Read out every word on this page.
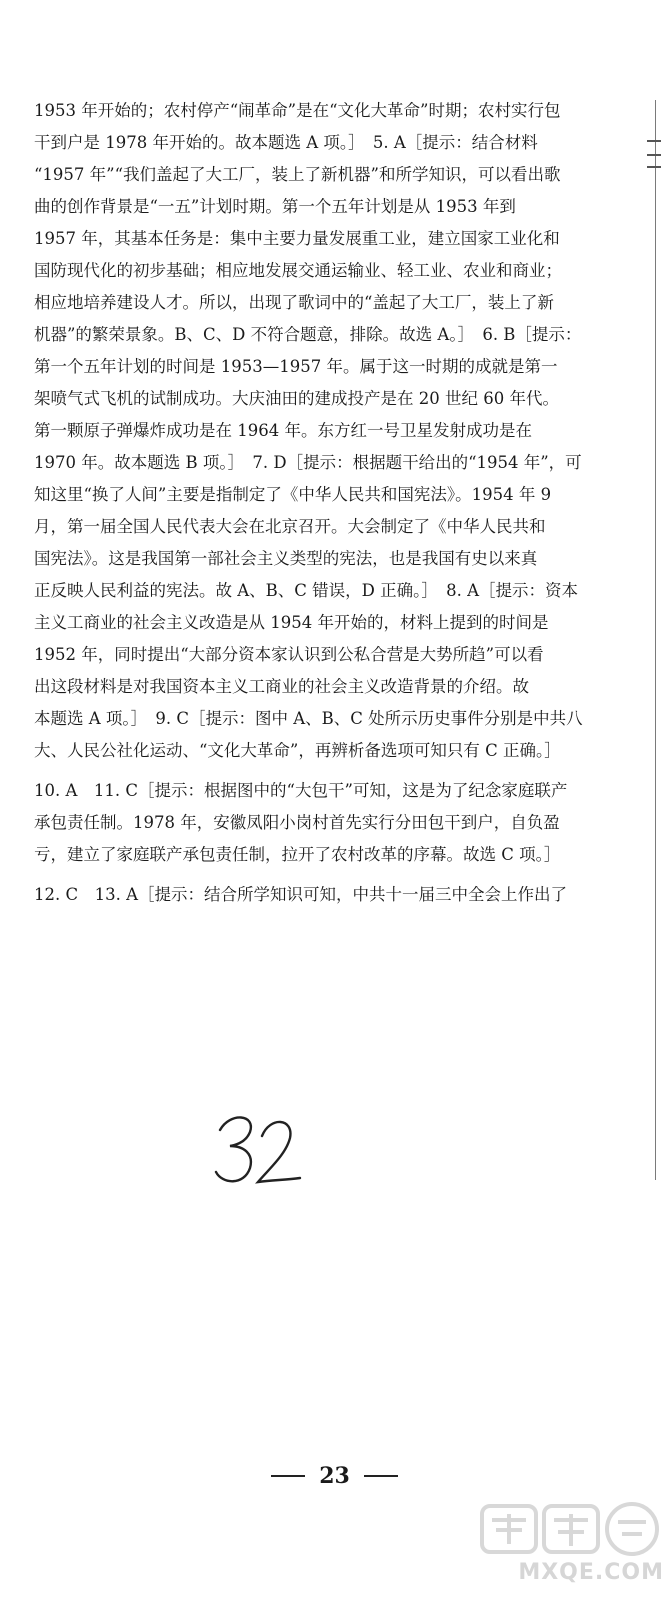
1953 年开始的；农村停产“闹革命”是在“文化大革命”时期；农村实行包
干到户是 1978 年开始的。故本题选 A 项。］　5. A［提示：结合材料
“1957 年”“我们盖起了大工厂，装上了新机器”和所学知识，可以看出歌
曲的创作背景是“一五”计划时期。第一个五年计划是从 1953 年到
1957 年，其基本任务是：集中主要力量发展重工业，建立国家工业化和
国防现代化的初步基础；相应地发展交通运输业、轻工业、农业和商业；
相应地培养建设人才。所以，出现了歌词中的“盖起了大工厂，装上了新
机器”的繁荣景象。B、C、D 不符合题意，排除。故选 A。］　6. B［提示：
第一个五年计划的时间是 1953—1957 年。属于这一时期的成就是第一
架喷气式飞机的试制成功。大庆油田的建成投产是在 20 世纪 60 年代。
第一颗原子弹爆炸成功是在 1964 年。东方红一号卫星发射成功是在
1970 年。故本题选 B 项。］　7. D［提示：根据题干给出的“1954 年”，可
知这里“换了人间”主要是指制定了《中华人民共和国宪法》。1954 年 9
月，第一届全国人民代表大会在北京召开。大会制定了《中华人民共和
国宪法》。这是我国第一部社会主义类型的宪法，也是我国有史以来真
正反映人民利益的宪法。故 A、B、C 错误，D 正确。］　8. A［提示：资本
主义工商业的社会主义改造是从 1954 年开始的，材料上提到的时间是
1952 年，同时提出“大部分资本家认识到公私合营是大势所趋”可以看
出这段材料是对我国资本主义工商业的社会主义改造背景的介绍。故
本题选 A 项。］　9. C［提示：图中 A、B、C 处所示历史事件分别是中共八
大、人民公社化运动、“文化大革命”，再辨析备选项可知只有 C 正确。］
10. A　11. C［提示：根据图中的“大包干”可知，这是为了纪念家庭联产
承包责任制。1978 年，安徽凤阳小岗村首先实行分田包干到户，自负盈
亏，建立了家庭联产承包责任制，拉开了农村改革的序幕。故选 C 项。］
12. C　13. A［提示：结合所学知识可知，中共十一届三中全会上作出了
23
MXQE.COM
